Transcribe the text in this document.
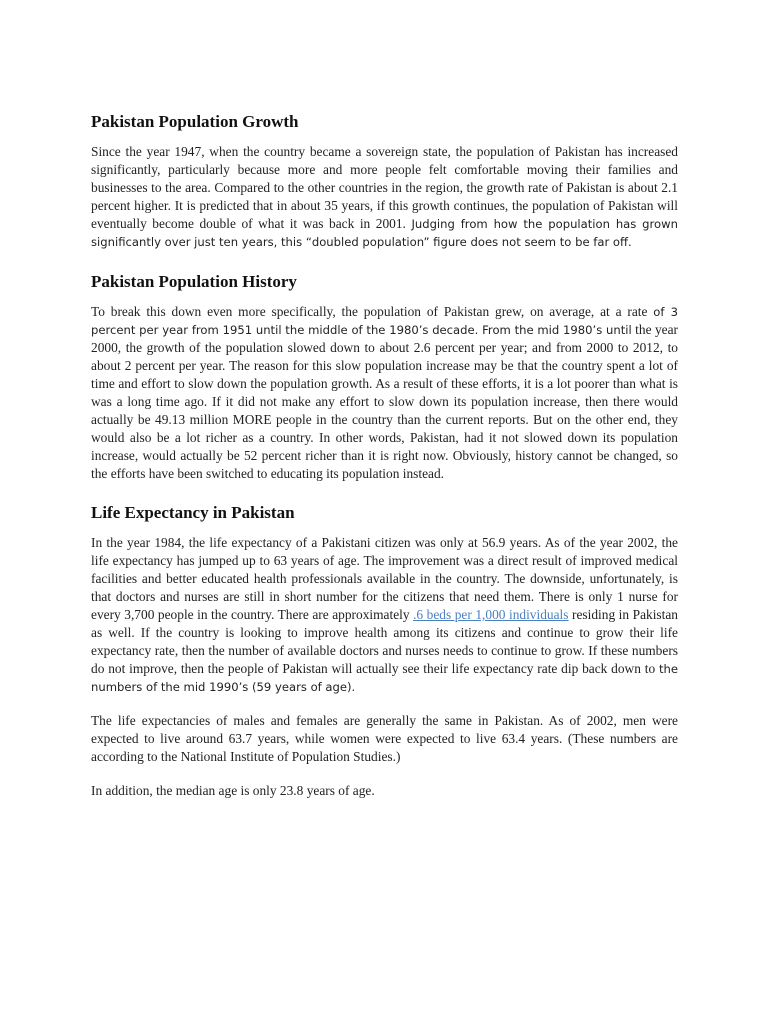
Pakistan Population Growth

Since the year 1947, when the country became a sovereign state, the population of Pakistan has increased significantly, particularly because more and more people felt comfortable moving their families and businesses to the area. Compared to the other countries in the region, the growth rate of Pakistan is about 2.1 percent higher. It is predicted that in about 35 years, if this growth continues, the population of Pakistan will eventually become double of what it was back in 2001. Judging from how the population has grown significantly over just ten years, this “doubled population” figure does not seem to be far off.

Pakistan Population History

To break this down even more specifically, the population of Pakistan grew, on average, at a rate of 3 percent per year from 1951 until the middle of the 1980’s decade. From the mid 1980’s until the year 2000, the growth of the population slowed down to about 2.6 percent per year; and from 2000 to 2012, to about 2 percent per year. The reason for this slow population increase may be that the country spent a lot of time and effort to slow down the population growth. As a result of these efforts, it is a lot poorer than what is was a long time ago. If it did not make any effort to slow down its population increase, then there would actually be 49.13 million MORE people in the country than the current reports. But on the other end, they would also be a lot richer as a country. In other words, Pakistan, had it not slowed down its population increase, would actually be 52 percent richer than it is right now. Obviously, history cannot be changed, so the efforts have been switched to educating its population instead.

Life Expectancy in Pakistan

In the year 1984, the life expectancy of a Pakistani citizen was only at 56.9 years. As of the year 2002, the life expectancy has jumped up to 63 years of age. The improvement was a direct result of improved medical facilities and better educated health professionals available in the country. The downside, unfortunately, is that doctors and nurses are still in short number for the citizens that need them. There is only 1 nurse for every 3,700 people in the country. There are approximately .6 beds per 1,000 individuals residing in Pakistan as well. If the country is looking to improve health among its citizens and continue to grow their life expectancy rate, then the number of available doctors and nurses needs to continue to grow. If these numbers do not improve, then the people of Pakistan will actually see their life expectancy rate dip back down to the numbers of the mid 1990’s (59 years of age).

The life expectancies of males and females are generally the same in Pakistan. As of 2002, men were expected to live around 63.7 years, while women were expected to live 63.4 years. (These numbers are according to the National Institute of Population Studies.)

In addition, the median age is only 23.8 years of age.
